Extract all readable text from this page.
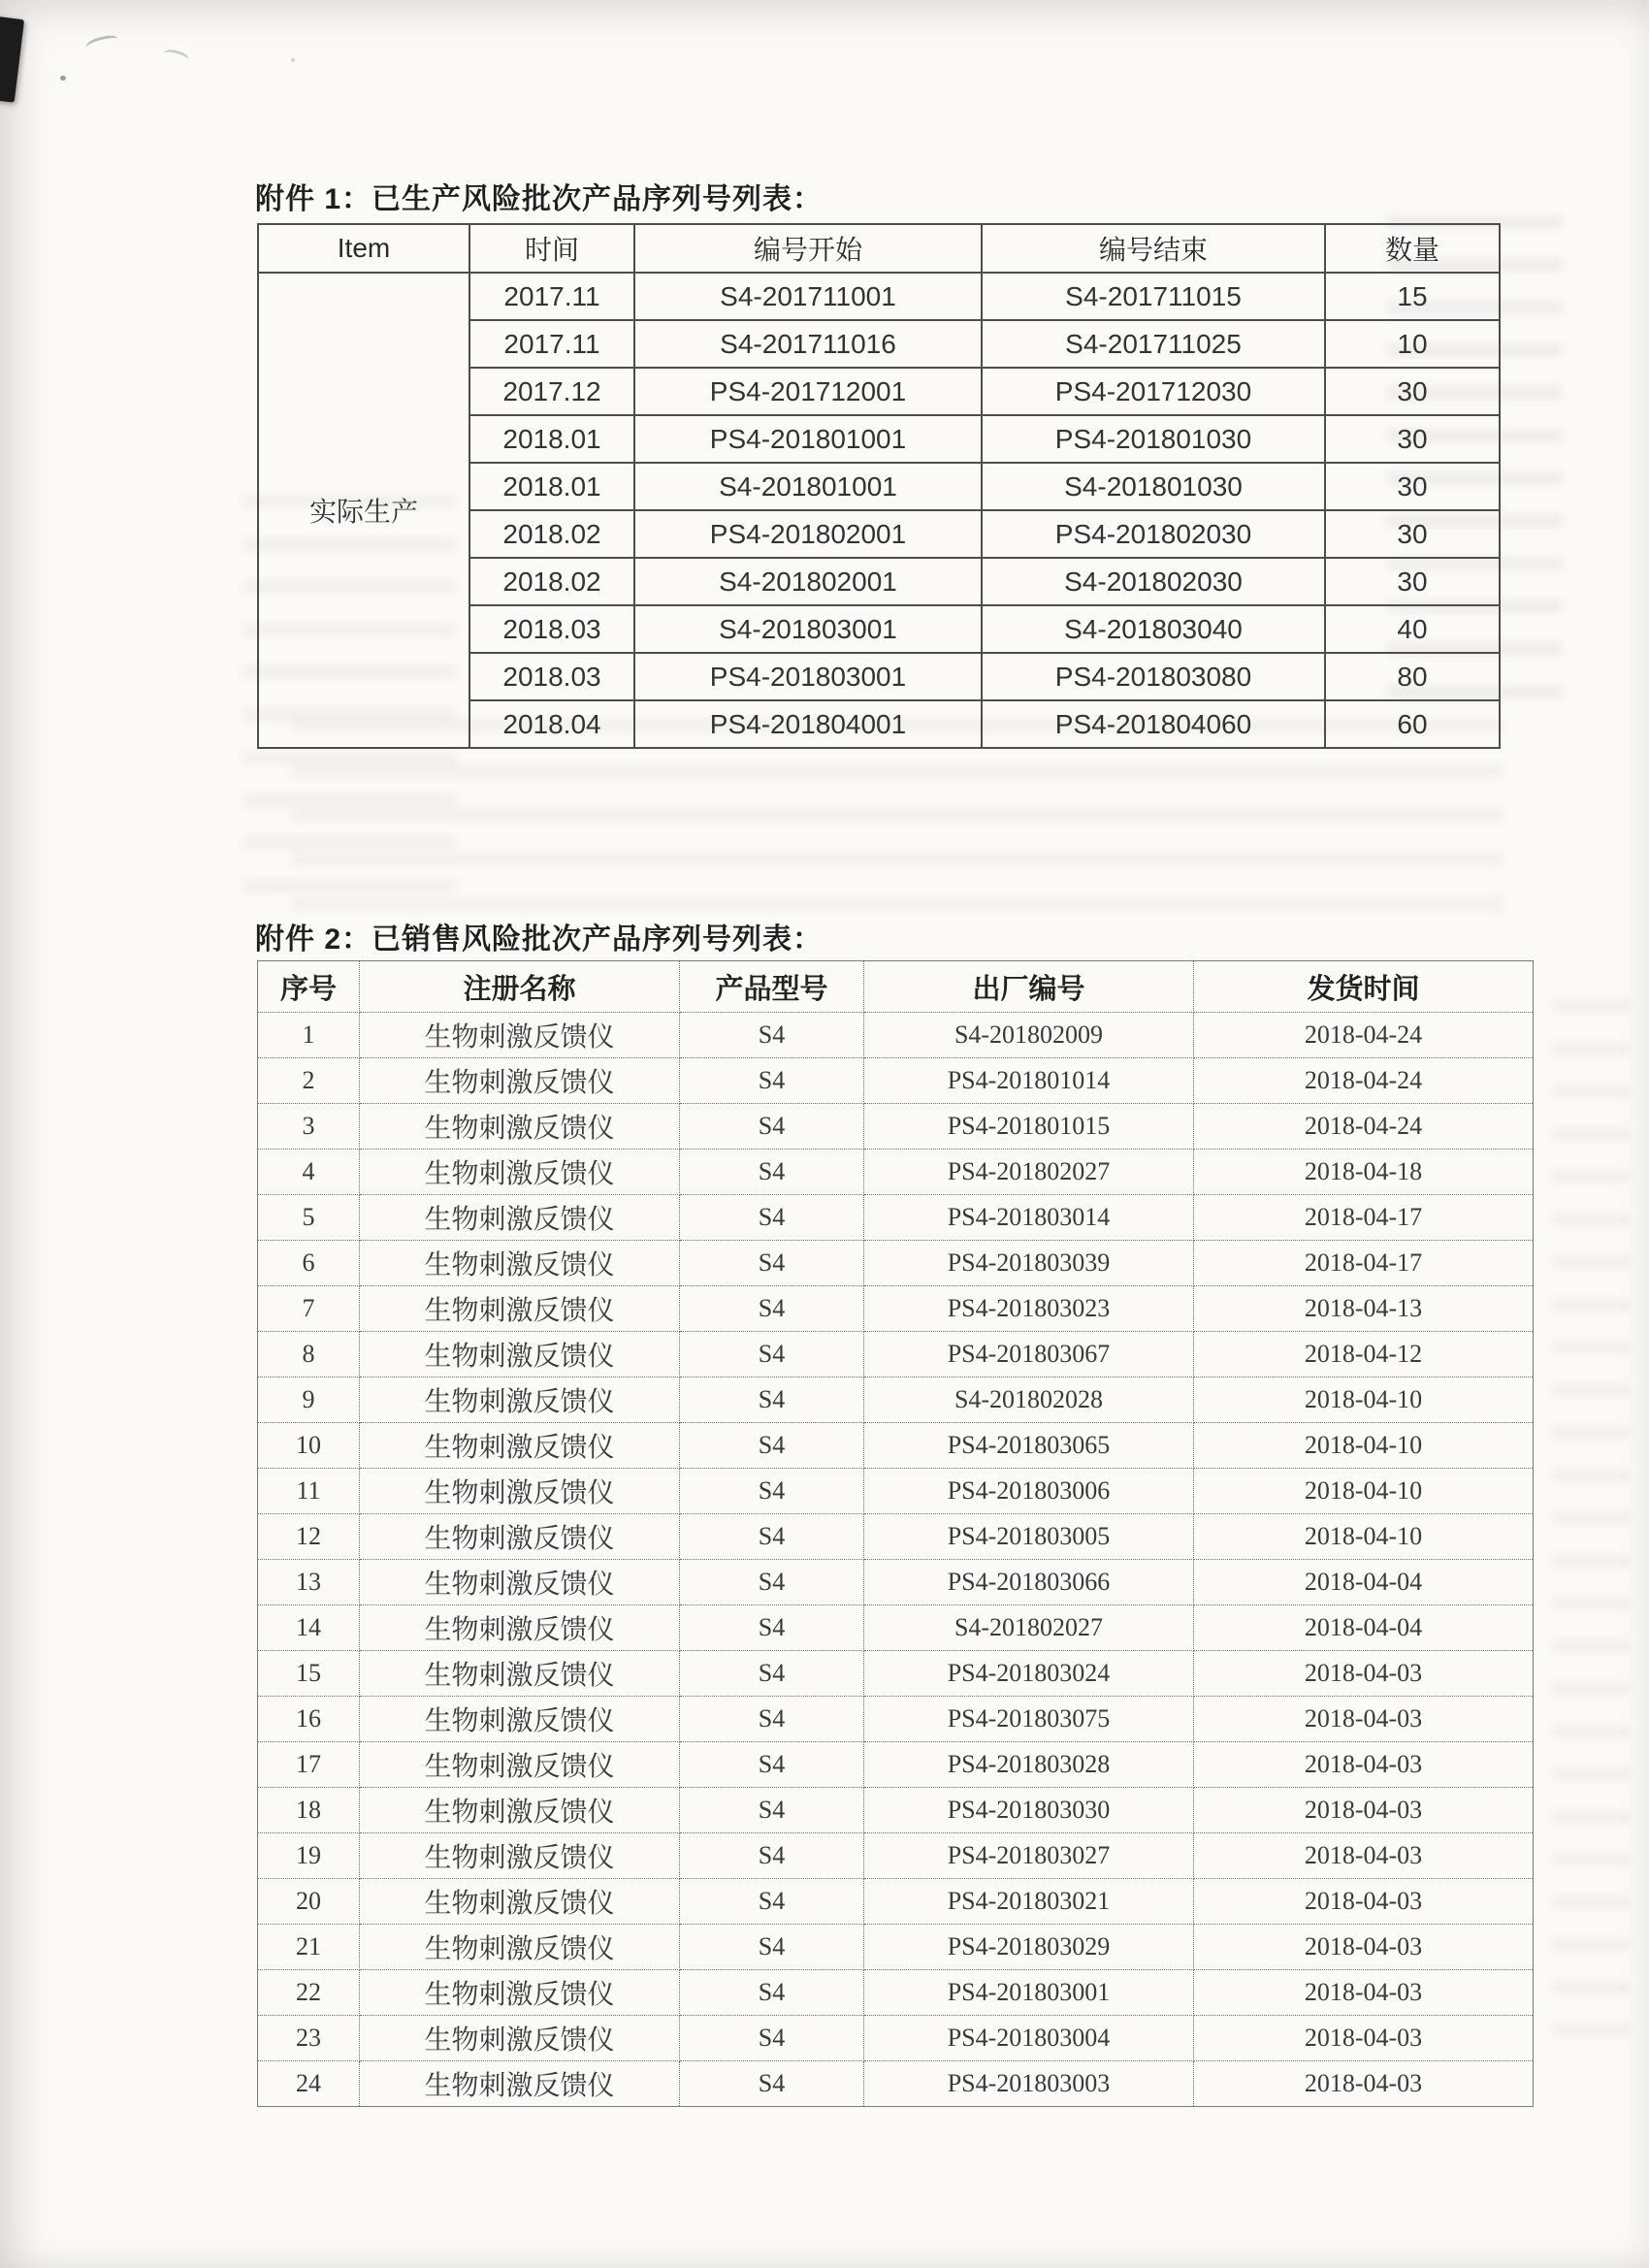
附件 1：已生产风险批次产品序列号列表：
Item	时间	编号开始	编号结束	数量
实际生产	2017.11	S4-201711001	S4-201711015	15
	2017.11	S4-201711016	S4-201711025	10
	2017.12	PS4-201712001	PS4-201712030	30
	2018.01	PS4-201801001	PS4-201801030	30
	2018.01	S4-201801001	S4-201801030	30
	2018.02	PS4-201802001	PS4-201802030	30
	2018.02	S4-201802001	S4-201802030	30
	2018.03	S4-201803001	S4-201803040	40
	2018.03	PS4-201803001	PS4-201803080	80
	2018.04	PS4-201804001	PS4-201804060	60
附件 2：已销售风险批次产品序列号列表：
序号	注册名称	产品型号	出厂编号	发货时间
1	生物刺激反馈仪	S4	S4-201802009	2018-04-24
2	生物刺激反馈仪	S4	PS4-201801014	2018-04-24
3	生物刺激反馈仪	S4	PS4-201801015	2018-04-24
4	生物刺激反馈仪	S4	PS4-201802027	2018-04-18
5	生物刺激反馈仪	S4	PS4-201803014	2018-04-17
6	生物刺激反馈仪	S4	PS4-201803039	2018-04-17
7	生物刺激反馈仪	S4	PS4-201803023	2018-04-13
8	生物刺激反馈仪	S4	PS4-201803067	2018-04-12
9	生物刺激反馈仪	S4	S4-201802028	2018-04-10
10	生物刺激反馈仪	S4	PS4-201803065	2018-04-10
11	生物刺激反馈仪	S4	PS4-201803006	2018-04-10
12	生物刺激反馈仪	S4	PS4-201803005	2018-04-10
13	生物刺激反馈仪	S4	PS4-201803066	2018-04-04
14	生物刺激反馈仪	S4	S4-201802027	2018-04-04
15	生物刺激反馈仪	S4	PS4-201803024	2018-04-03
16	生物刺激反馈仪	S4	PS4-201803075	2018-04-03
17	生物刺激反馈仪	S4	PS4-201803028	2018-04-03
18	生物刺激反馈仪	S4	PS4-201803030	2018-04-03
19	生物刺激反馈仪	S4	PS4-201803027	2018-04-03
20	生物刺激反馈仪	S4	PS4-201803021	2018-04-03
21	生物刺激反馈仪	S4	PS4-201803029	2018-04-03
22	生物刺激反馈仪	S4	PS4-201803001	2018-04-03
23	生物刺激反馈仪	S4	PS4-201803004	2018-04-03
24	生物刺激反馈仪	S4	PS4-201803003	2018-04-03
